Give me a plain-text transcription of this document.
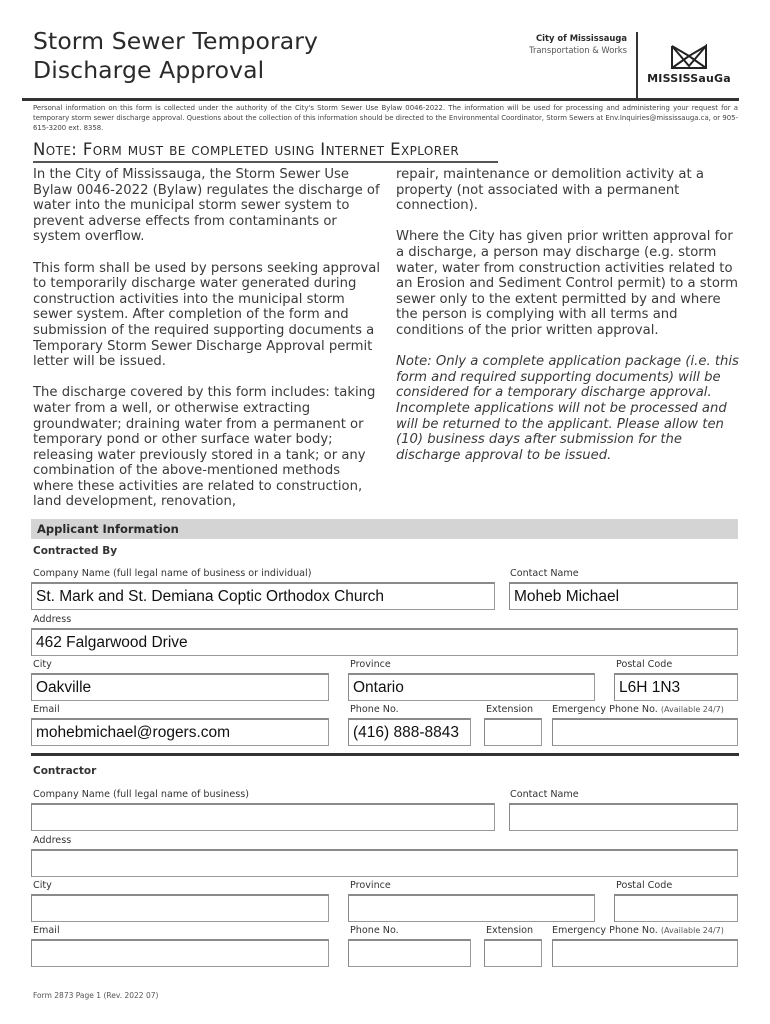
Storm Sewer Temporary
Discharge Approval
City of Mississauga
Transportation & Works
MISSISSauGa
Personal information on this form is collected under the authority of the City's Storm Sewer Use Bylaw 0046-2022. The information will be used for processing and administering your request for a temporary storm sewer discharge approval. Questions about the collection of this information should be directed to the Environmental Coordinator, Storm Sewers at Env.Inquiries@mississauga.ca, or 905-615-3200 ext. 8358.
Note: Form must be completed using Internet Explorer

In the City of Mississauga, the Storm Sewer Use Bylaw 0046-2022 (Bylaw) regulates the discharge of water into the municipal storm sewer system to prevent adverse effects from contaminants or system overflow.

This form shall be used by persons seeking approval to temporarily discharge water generated during construction activities into the municipal storm sewer system. After completion of the form and submission of the required supporting documents a Temporary Storm Sewer Discharge Approval permit letter will be issued.

The discharge covered by this form includes: taking water from a well, or otherwise extracting groundwater; draining water from a permanent or temporary pond or other surface water body; releasing water previously stored in a tank; or any combination of the above-mentioned methods where these activities are related to construction, land development, renovation,

repair, maintenance or demolition activity at a property (not associated with a permanent connection).

Where the City has given prior written approval for a discharge, a person may discharge (e.g. storm water, water from construction activities related to an Erosion and Sediment Control permit) to a storm sewer only to the extent permitted by and where the person is complying with all terms and conditions of the prior written approval.

Note: Only a complete application package (i.e. this form and required supporting documents) will be considered for a temporary discharge approval. Incomplete applications will not be processed and will be returned to the applicant. Please allow ten (10) business days after submission for the discharge approval to be issued.

Applicant Information
Contracted By
Company Name (full legal name of business or individual)	Contact Name
St. Mark and St. Demiana Coptic Orthodox Church	Moheb Michael
Address
462 Falgarwood Drive
City	Province	Postal Code
Oakville	Ontario	L6H 1N3
Email	Phone No.	Extension Emergency Phone No. (Available 24/7)
mohebmichael@rogers.com	(416) 888-8843
Contractor
Company Name (full legal name of business)	Contact Name
Address
City	Province	Postal Code
Email	Phone No.	Extension Emergency Phone No. (Available 24/7)
Form 2873 Page 1 (Rev. 2022 07)
